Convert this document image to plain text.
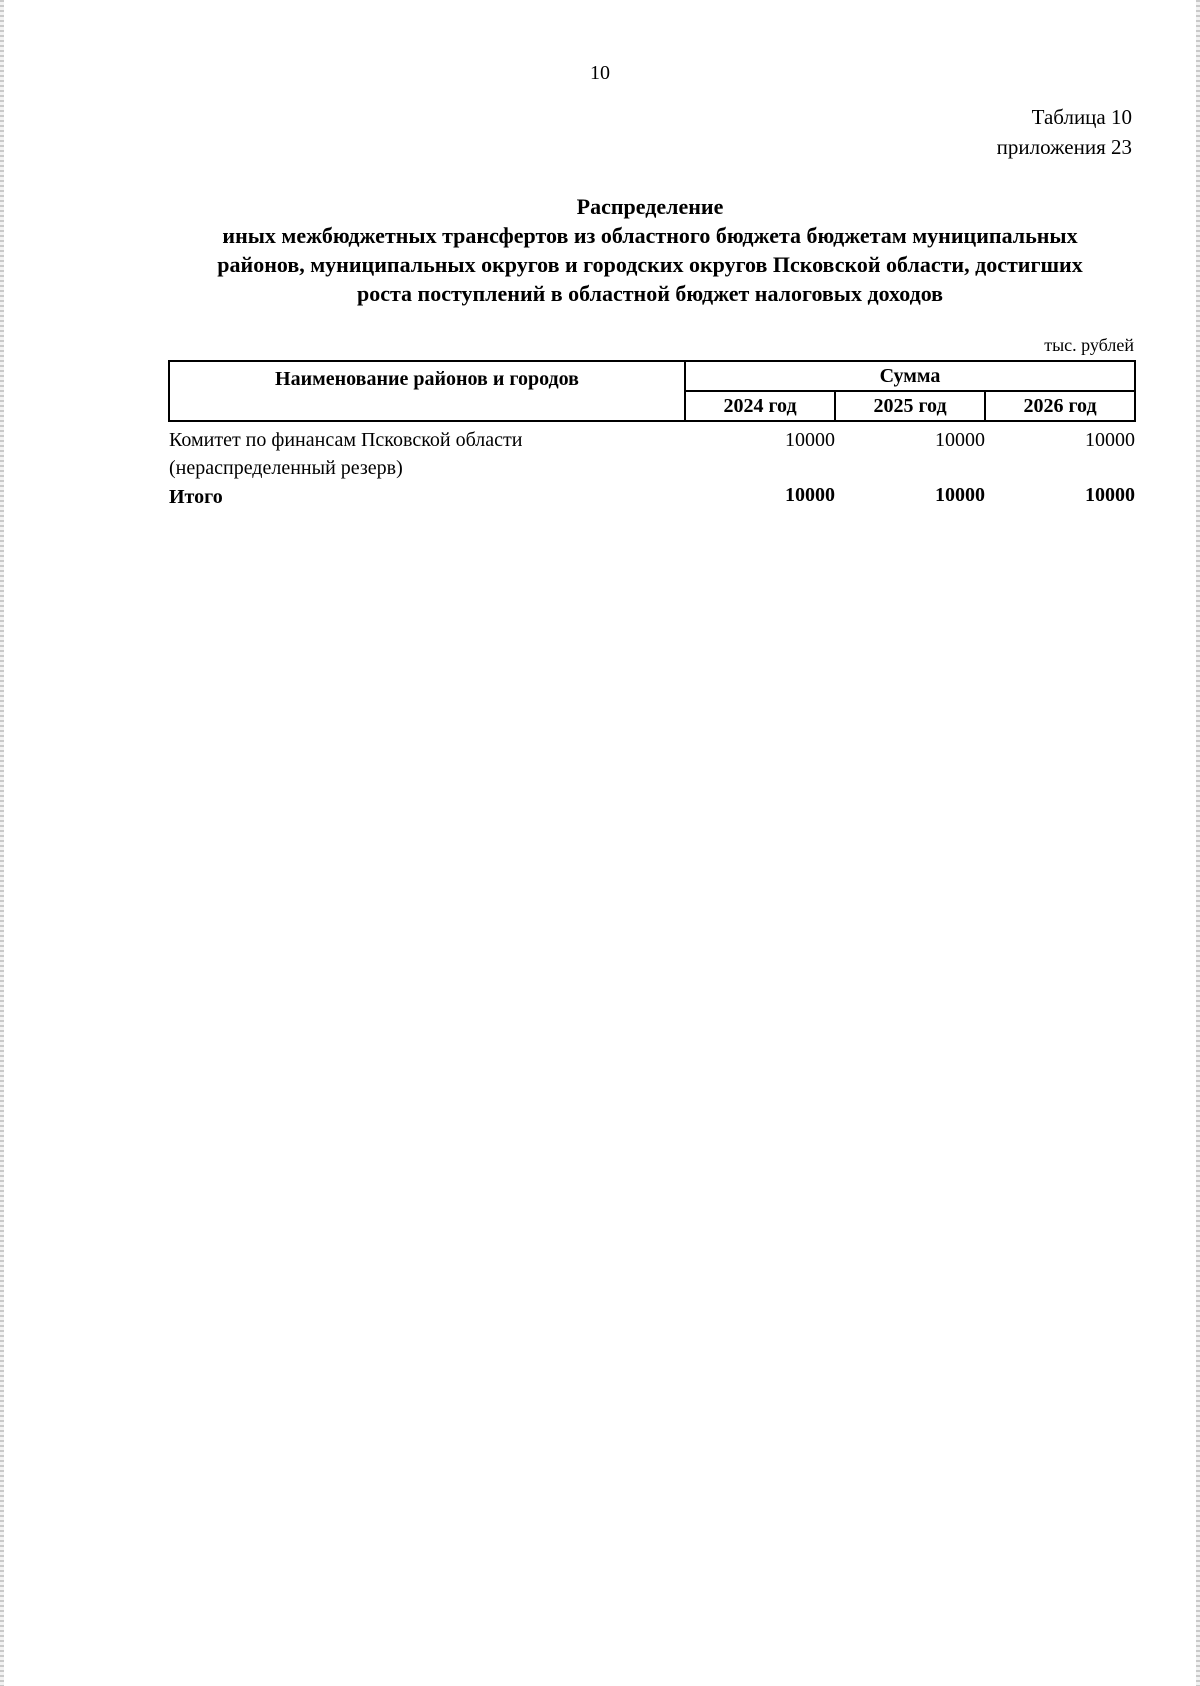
10
Таблица 10
приложения 23
Распределение
иных межбюджетных трансфертов из областного бюджета бюджетам муниципальных
районов, муниципальных округов и городских округов Псковской области, достигших
роста поступлений в областной бюджет налоговых доходов
тыс. рублей
Наименование районов и городов	Сумма		
	2024 год	2025 год	2026 год

Комитет по финансам Псковской области
(нераспределенный резерв)	10000	10000	10000
Итого	10000	10000	10000
